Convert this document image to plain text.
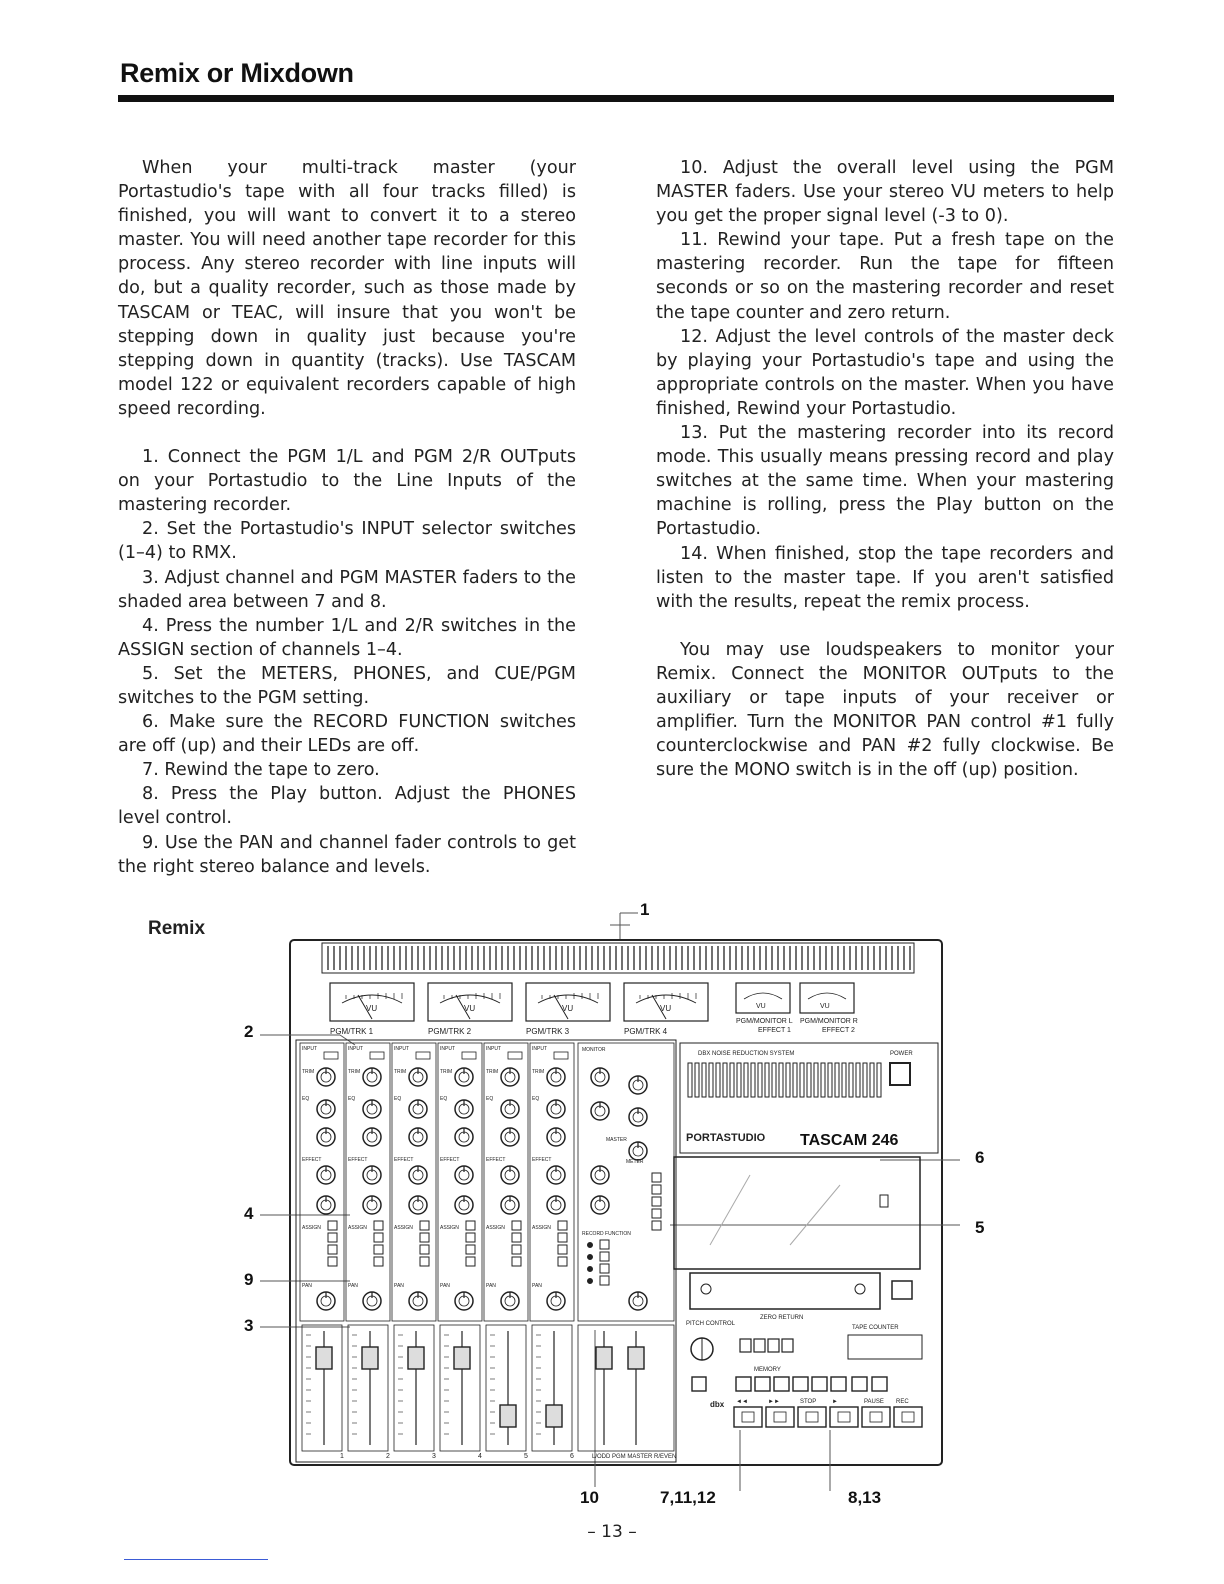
Remix or Mixdown

When your multi-track master (your Portastudio's tape with all four tracks filled) is finished, you will want to convert it to a stereo master. You will need another tape recorder for this process. Any stereo recorder with line inputs will do, but a quality recorder, such as those made by TASCAM or TEAC, will insure that you won't be stepping down in quality just because you're stepping down in quantity (tracks). Use TASCAM model 122 or equivalent recorders capable of high speed recording.

1. Connect the PGM 1/L and PGM 2/R OUTputs on your Portastudio to the Line Inputs of the mastering recorder.

2. Set the Portastudio's INPUT selector switches (1–4) to RMX.

3. Adjust channel and PGM MASTER faders to the shaded area between 7 and 8.

4. Press the number 1/L and 2/R switches in the ASSIGN section of channels 1–4.

5. Set the METERS, PHONES, and CUE/PGM switches to the PGM setting.

6. Make sure the RECORD FUNCTION switches are off (up) and their LEDs are off.

7. Rewind the tape to zero.

8. Press the Play button. Adjust the PHONES level control.

9. Use the PAN and channel fader controls to get the right stereo balance and levels.

10. Adjust the overall level using the PGM MASTER faders. Use your stereo VU meters to help you get the proper signal level (-3 to 0).

11. Rewind your tape. Put a fresh tape on the mastering recorder. Run the tape for fifteen seconds or so on the mastering recorder and reset the tape counter and zero return.

12. Adjust the level controls of the master deck by playing your Portastudio's tape and using the appropriate controls on the master. When you have finished, Rewind your Portastudio.

13. Put the mastering recorder into its record mode. This usually means pressing record and play switches at the same time. When your mastering machine is rolling, press the Play button on the Portastudio.

14. When finished, stop the tape recorders and listen to the master tape. If you aren't satisfied with the results, repeat the remix process.

You may use loudspeakers to monitor your Remix. Connect the MONITOR OUTputs to the auxiliary or tape inputs of your receiver or amplifier. Turn the MONITOR PAN control #1 fully counterclockwise and PAN #2 fully clockwise. Be sure the MONO switch is in the off (up) position.

Remix
1
2
4
9
3
6
5
10	7,11,12	8,13
VU	VU	VU	VU	VU	VU
PGM/TRK 1	PGM/TRK 2	PGM/TRK 3	PGM/TRK 4
PGM/MONITOR L PGM/MONITOR R
EFFECT 1	EFFECT 2
INPUT
TRIM
EQ
EFFECT
ASSIGN
PAN
INPUT
TRIM
EQ
EFFECT
ASSIGN
PAN
INPUT
TRIM
EQ
EFFECT
ASSIGN
PAN
INPUT
TRIM
EQ
EFFECT
ASSIGN
PAN
INPUT
TRIM
EQ
EFFECT
ASSIGN
PAN
INPUT
TRIM
EQ
EFFECT
ASSIGN
PAN
MONITOR
MASTER
METER
RECORD FUNCTION
DBX NOISE REDUCTION SYSTEM	POWER
PORTASTUDIO TASCAM 246
PITCH CONTROL
ZERO RETURN
TAPE COUNTER
MEMORY
dbx ◄◄	►►	STOP	►	PAUSE REC
1	2	3	4	5	6	L/ODD PGM MASTER R/EVEN
– 13 –
